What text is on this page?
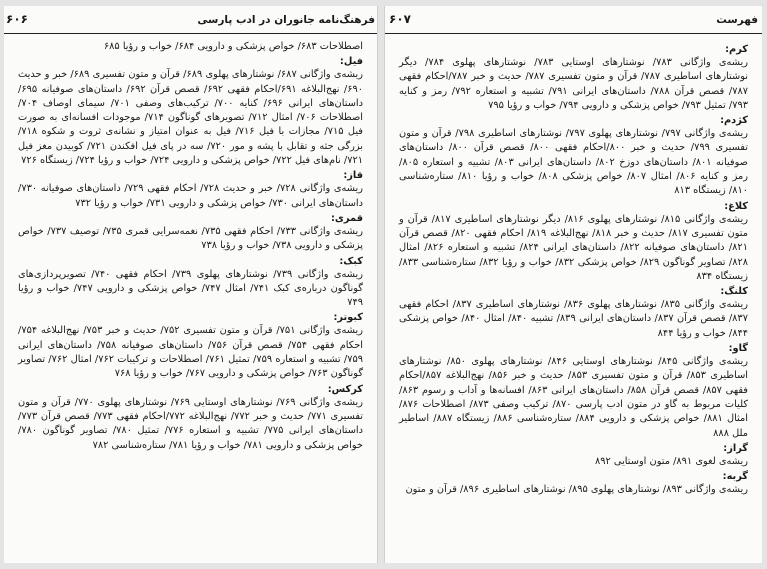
فرهنگ‌نامه جانوران در ادب پارسی
۶۰۶

اصطلاحات ۶۸۳/ خواص پزشکی و دارویی ۶۸۴/ خواب و رؤیا ۶۸۵

فیل:

ریشه‌ی واژگانی ۶۸۷/ نوشتارهای پهلوی ۶۸۹/ قرآن و متون تفسیری ۶۸۹/ خبر و حدیث ۶۹۰/ نهج‌البلاغه ۶۹۱/احکام فقهی ۶۹۲/ قصص قرآن ۶۹۲/ داستان‌های صوفیانه ۶۹۵/ داستان‌های ایرانی ۶۹۶/ کنایه ۷۰۰/ ترکیب‌های وصفی ۷۰۱/ سیمای اوصاف ۷۰۴/ اصطلاحات ۷۰۶/ امثال ۷۱۲/ تصویرهای گوناگون ۷۱۴/ موجودات افسانه‌ای به صورت فیل ۷۱۵/ مجازات با فیل ۷۱۶/ فیل به عنوان امتیاز و نشانه‌ی ثروت و شکوه ۷۱۸/ بزرگی جثه و تقابل با پشه و مور ۷۲۰/ سه در پای فیل افکندن ۷۲۱/ کوبیدن مغز فیل ۷۲۱/ نام‌های فیل ۷۲۲/ خواص پزشکی و دارویی ۷۲۴/ خواب و رؤیا ۷۲۴/ زیستگاه ۷۲۶

قاز:

ریشه‌ی واژگانی ۷۲۸/ خبر و حدیث ۷۲۸/ احکام فقهی ۷۲۹/ داستان‌های صوفیانه ۷۳۰/ داستان‌های ایرانی ۷۳۰/ خواص پزشکی و دارویی ۷۳۱/ خواب و رؤیا ۷۳۲

قمری:

ریشه‌ی واژگانی ۷۳۳/ احکام فقهی ۷۳۵/ نغمه‌سرایی قمری ۷۳۵/ توصیف ۷۳۷/ خواص پزشکی و دارویی ۷۳۸/ خواب و رؤیا ۷۳۸

کبک:

ریشه‌ی واژگانی ۷۳۹/ نوشتارهای پهلوی ۷۳۹/ احکام فقهی ۷۴۰/ تصویرپردازی‌های گوناگون درباره‌ی کبک ۷۴۱/ امثال ۷۴۷/ خواص پزشکی و دارویی ۷۴۷/ خواب و رؤیا ۷۴۹

کبوتر:

ریشه‌ی واژگانی ۷۵۱/ قرآن و متون تفسیری ۷۵۲/ حدیث و خبر ۷۵۳/ نهج‌البلاغه ۷۵۴/احکام فقهی ۷۵۴/ قصص قرآن ۷۵۶/ داستان‌های صوفیانه ۷۵۸/ داستان‌های ایرانی ۷۵۹/ تشبیه و استعاره ۷۵۹/ تمثیل ۷۶۱/ اصطلاحات و ترکیبات ۷۶۲/ امثال ۷۶۲/ تصاویر گوناگون ۷۶۳/ خواص پزشکی و دارویی ۷۶۷/ خواب و رؤیا ۷۶۸

کرکس:

ریشه‌ی واژگانی ۷۶۹/ نوشتارهای اوستایی ۷۶۹/ نوشتارهای پهلوی ۷۷۰/ قرآن و متون تفسیری ۷۷۱/ حدیث و خبر ۷۷۲/ نهج‌البلاغه ۷۷۲/احکام فقهی ۷۷۳/ قصص قرآن ۷۷۳/ داستان‌های ایرانی ۷۷۵/ تشبیه و استعاره ۷۷۶/ تمثیل ۷۸۰/ تصاویر گوناگون ۷۸۰/ خواص پزشکی و دارویی ۷۸۱/ خواب و رؤیا ۷۸۱/ ستاره‌شناسی ۷۸۲

فهرست
۶۰۷

کرم:

ریشه‌ی واژگانی ۷۸۳/ نوشتارهای اوستایی ۷۸۳/ نوشتارهای پهلوی ۷۸۴/ دیگر نوشتارهای اساطیری ۷۸۷/ قرآن و متون تفسیری ۷۸۷/ حدیث و خبر ۷۸۷/احکام فقهی ۷۸۷/ قصص قرآن ۷۸۸/ داستان‌های ایرانی ۷۹۱/ تشبیه و استعاره ۷۹۲/ رمز و کنایه ۷۹۳/ تمثیل ۷۹۳/ خواص پزشکی و دارویی ۷۹۴/ خواب و رؤیا ۷۹۵

کژدم:

ریشه‌ی واژگانی ۷۹۷/ نوشتارهای پهلوی ۷۹۷/ نوشتارهای اساطیری ۷۹۸/ قرآن و متون تفسیری ۷۹۹/ حدیث و خبر ۸۰۰/احکام فقهی ۸۰۰/ قصص قرآن ۸۰۰/ داستان‌های صوفیانه ۸۰۱/ داستان‌های دوزخ ۸۰۲/ داستان‌های ایرانی ۸۰۳/ تشبیه و استعاره ۸۰۵/ رمز و کنایه ۸۰۶/ امثال ۸۰۷/ خواص پزشکی ۸۰۸/ خواب و رؤیا ۸۱۰/ ستاره‌شناسی ۸۱۰/ زیستگاه ۸۱۳

کلاغ:

ریشه‌ی واژگانی ۸۱۵/ نوشتارهای پهلوی ۸۱۶/ دیگر نوشتارهای اساطیری ۸۱۷/ قرآن و متون تفسیری ۸۱۷/ حدیث و خبر ۸۱۸/ نهج‌البلاغه ۸۱۹/ احکام فقهی ۸۲۰/ قصص قرآن ۸۲۱/ داستان‌های صوفیانه ۸۲۲/ داستان‌های ایرانی ۸۲۴/ تشبیه و استعاره ۸۲۶/ امثال ۸۲۸/ تصاویر گوناگون ۸۲۹/ خواص پزشکی ۸۳۲/ خواب و رؤیا ۸۳۲/ ستاره‌شناسی ۸۳۳/ زیستگاه ۸۳۴

کلنگ:

ریشه‌ی واژگانی ۸۳۵/ نوشتارهای پهلوی ۸۳۶/ نوشتارهای اساطیری ۸۳۷/ احکام فقهی ۸۳۷/ قصص قرآن ۸۳۷/ داستان‌های ایرانی ۸۳۹/ تشبیه ۸۴۰/ امثال ۸۴۰/ خواص پزشکی ۸۴۴/ خواب و رؤیا ۸۴۴

گاو:

ریشه‌ی واژگانی ۸۴۵/ نوشتارهای اوستایی ۸۴۶/ نوشتارهای پهلوی ۸۵۰/ نوشتارهای اساطیری ۸۵۳/ قرآن و متون تفسیری ۸۵۳/ حدیث و خبر ۸۵۶/ نهج‌البلاغه ۸۵۷/احکام فقهی ۸۵۷/ قصص قرآن ۸۵۸/ داستان‌های ایرانی ۸۶۳/ افسانه‌ها و آداب و رسوم ۸۶۳/ کلیات مربوط به گاو در متون ادب پارسی ۸۷۰/ ترکیب وصفی ۸۷۳/ اصطلاحات ۸۷۶/ امثال ۸۸۱/ خواص پزشکی و دارویی ۸۸۴/ ستاره‌شناسی ۸۸۶/ زیستگاه ۸۸۷/ اساطیر ملل ۸۸۸

گراز:

ریشه‌ی لغوی ۸۹۱/ متون اوستایی ۸۹۲

گربه:

ریشه‌ی واژگانی ۸۹۳/ نوشتارهای پهلوی ۸۹۵/ نوشتارهای اساطیری ۸۹۶/ قرآن و متون
